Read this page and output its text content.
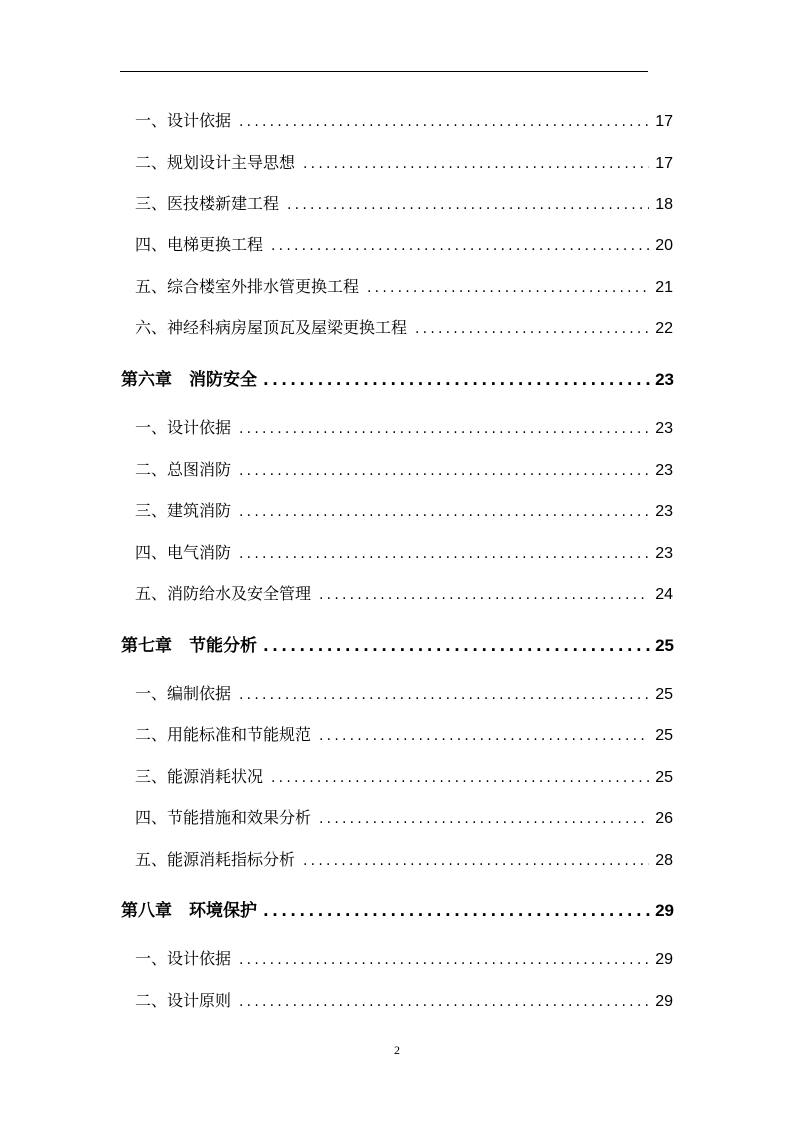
一、设计依据 .....	17
二、规划设计主导思想 .....	17
三、医技楼新建工程 .....	18
四、电梯更换工程 .....	20
五、综合楼室外排水管更换工程 .....	21
六、神经科病房屋顶瓦及屋梁更换工程 .....	22
第六章　消防安全 .....	23
一、设计依据 .....	23
二、总图消防 .....	23
三、建筑消防 .....	23
四、电气消防 .....	23
五、消防给水及安全管理 .....	24
第七章　节能分析 .....	25
一、编制依据 .....	25
二、用能标准和节能规范 .....	25
三、能源消耗状况 .....	25
四、节能措施和效果分析 .....	26
五、能源消耗指标分析 .....	28
第八章　环境保护 .....	29
一、设计依据 .....	29
二、设计原则 .....	29
2
